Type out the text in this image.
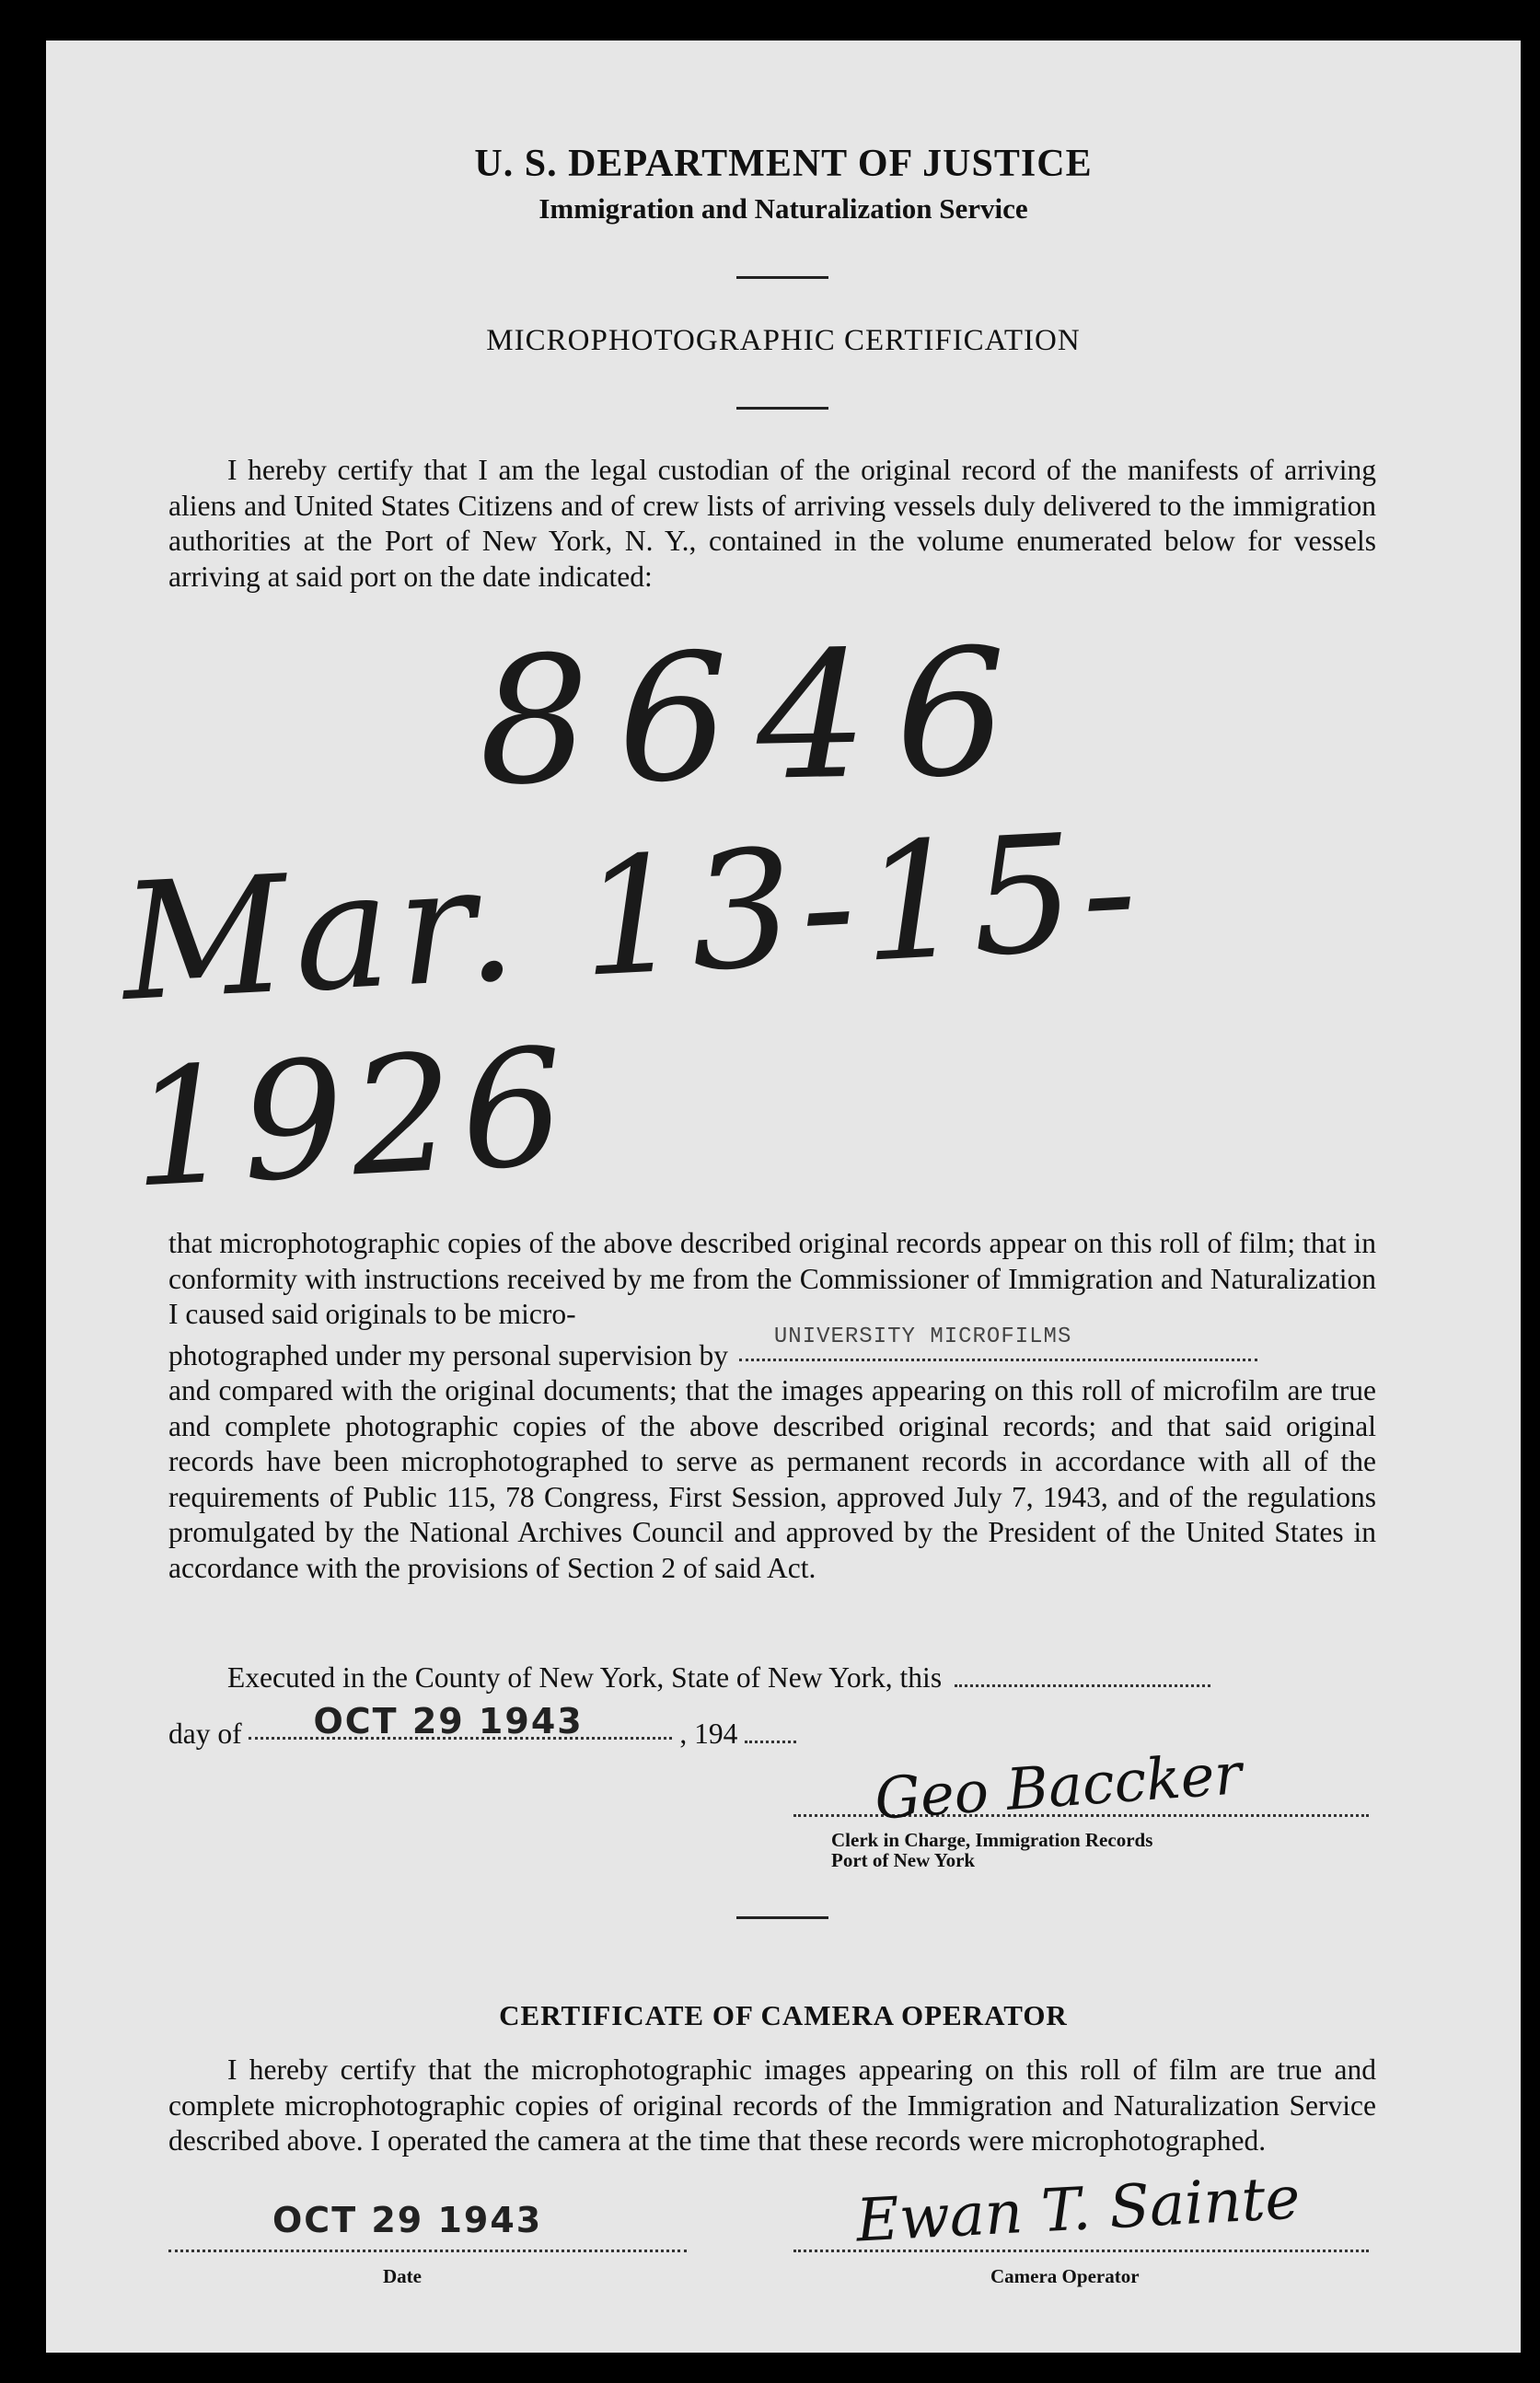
U. S. DEPARTMENT OF JUSTICE
Immigration and Naturalization Service
MICROPHOTOGRAPHIC CERTIFICATION

I hereby certify that I am the legal custodian of the original record of the manifests of arriving aliens and United States Citizens and of crew lists of arriving vessels duly delivered to the immigration authorities at the Port of New York, N. Y., contained in the volume enumerated below for vessels arriving at said port on the date indicated:

8646
Mar. 13-15-1926

that microphotographic copies of the above described original records appear on this roll of film; that in conformity with instructions received by me from the Commissioner of Immigration and Naturalization I caused said originals to be micro-

photographed under my personal supervision by
UNIVERSITY MICROFILMS

and compared with the original documents; that the images appearing on this roll of microfilm are true and complete photographic copies of the above described original records; and that said original records have been microphotographed to serve as permanent records in accordance with all of the requirements of Public 115, 78 Congress, First Session, approved July 7, 1943, and of the regulations promulgated by the National Archives Council and approved by the President of the United States in accordance with the provisions of Section 2 of said Act.

Executed in the County of New York, State of New York, this
day of OCT 29 1943	, 194
Geo Baccker
Clerk in Charge, Immigration Records
Port of New York
CERTIFICATE OF CAMERA OPERATOR

I hereby certify that the microphotographic images appearing on this roll of film are true and complete microphotographic copies of original records of the Immigration and Naturalization Service described above. I operated the camera at the time that these records were microphotographed.

OCT 29 1943
Date
Ewan T. Sainte
Camera Operator
